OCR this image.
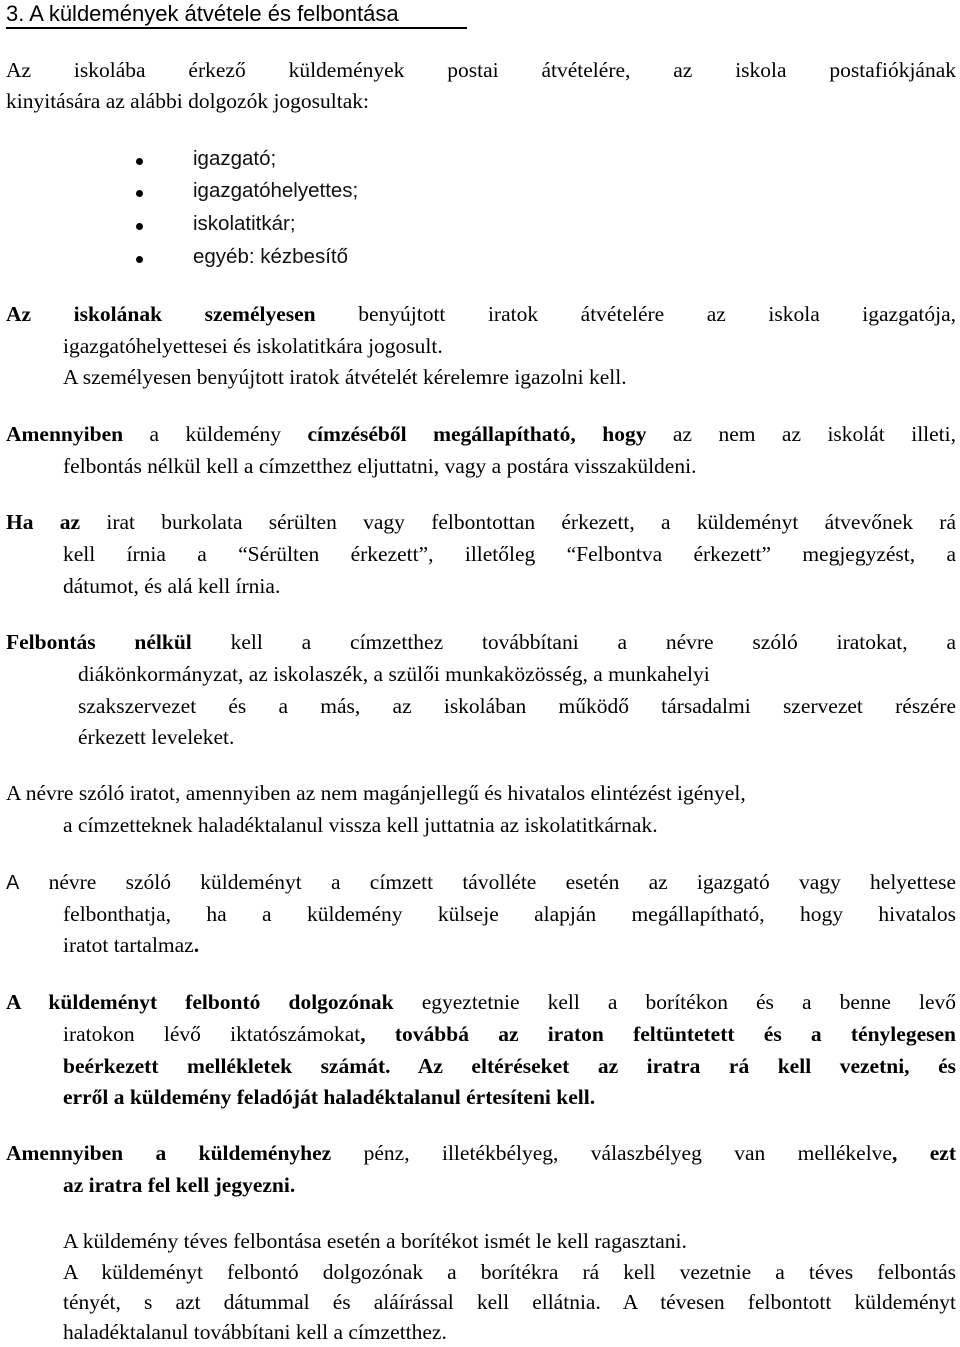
3. A küldemények átvétele és felbontása
Az iskolába érkező küldemények postai átvételére, az iskola postafiókjának
kinyitására az alábbi dolgozók jogosultak:
igazgató;
igazgatóhelyettes;
iskolatitkár;
egyéb: kézbesítő
Az iskolának személyesen benyújtott iratok átvételére az iskola igazgatója,
igazgatóhelyettesei és iskolatitkára jogosult.
A személyesen benyújtott iratok átvételét kérelemre igazolni kell.
Amennyiben a küldemény címzéséből megállapítható, hogy az nem az iskolát illeti,
felbontás nélkül kell a címzetthez eljuttatni, vagy a postára visszaküldeni.
Ha az irat burkolata sérülten vagy felbontottan érkezett, a küldeményt átvevőnek rá
kell írnia a “Sérülten érkezett”, illetőleg “Felbontva érkezett” megjegyzést, a
dátumot, és alá kell írnia.
Felbontás nélkül kell a címzetthez továbbítani a névre szóló iratokat, a
diákönkormányzat, az iskolaszék, a szülői munkaközösség, a munkahelyi
szakszervezet és a más, az iskolában működő társadalmi szervezet részére
érkezett leveleket.
A névre szóló iratot, amennyiben az nem magánjellegű és hivatalos elintézést igényel,
a címzetteknek haladéktalanul vissza kell juttatnia az iskolatitkárnak.
A névre szóló küldeményt a címzett távolléte esetén az igazgató vagy helyettese
felbonthatja, ha a küldemény külseje alapján megállapítható, hogy hivatalos
iratot tartalmaz.
A küldeményt felbontó dolgozónak egyeztetnie kell a borítékon és a benne levő
iratokon lévő iktatószámokat, továbbá az iraton feltüntetett és a ténylegesen
beérkezett mellékletek számát. Az eltéréseket az iratra rá kell vezetni, és
erről a küldemény feladóját haladéktalanul értesíteni kell.
Amennyiben a küldeményhez pénz, illetékbélyeg, válaszbélyeg van mellékelve, ezt
az iratra fel kell jegyezni.
A küldemény téves felbontása esetén a borítékot ismét le kell ragasztani.
A küldeményt felbontó dolgozónak a borítékra rá kell vezetnie a téves felbontás
tényét, s azt dátummal és aláírással kell ellátnia. A tévesen felbontott küldeményt
haladéktalanul továbbítani kell a címzetthez.
